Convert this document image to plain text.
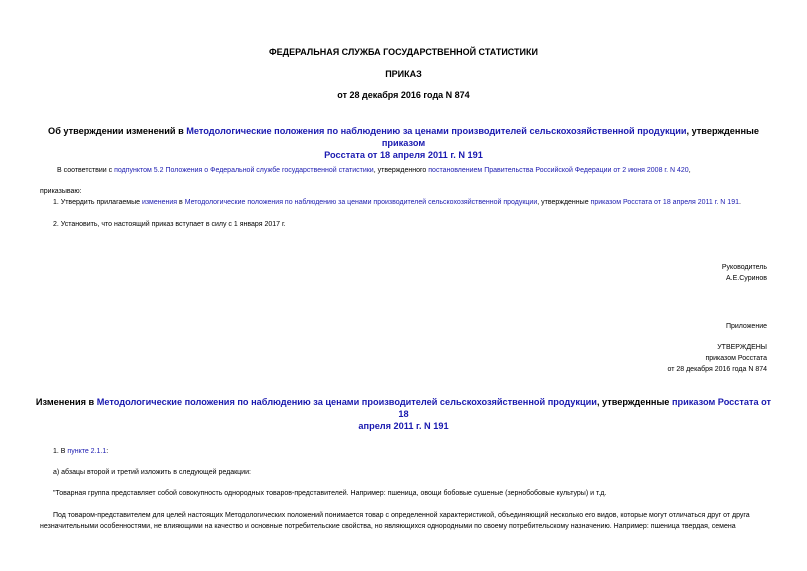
ФЕДЕРАЛЬНАЯ СЛУЖБА ГОСУДАРСТВЕННОЙ СТАТИСТИКИ
ПРИКАЗ
от 28 декабря 2016 года N 874
Об утверждении изменений в Методологические положения по наблюдению за ценами производителей сельскохозяйственной продукции, утвержденные приказом
Росстата от 18 апреля 2011 г. N 191
В соответствии с подпунктом 5.2 Положения о Федеральной службе государственной статистики, утвержденного постановлением Правительства Российской Федерации от 2 июня 2008 г. N 420,
приказываю:
1. Утвердить прилагаемые изменения в Методологические положения по наблюдению за ценами производителей сельскохозяйственной продукции, утвержденные приказом Росстата от 18 апреля 2011 г. N 191.
2. Установить, что настоящий приказ вступает в силу с 1 января 2017 г.
Руководитель
А.Е.Суринов
Приложение
УТВЕРЖДЕНЫ
приказом Росстата
от 28 декабря 2016 года N 874
Изменения в Методологические положения по наблюдению за ценами производителей сельскохозяйственной продукции, утвержденные приказом Росстата от 18
апреля 2011 г. N 191
1. В пункте 2.1.1:
а) абзацы второй и третий изложить в следующей редакции:
"Товарная группа представляет собой совокупность однородных товаров-представителей. Например: пшеница, овощи бобовые сушеные (зернобобовые культуры) и т.д.
Под товаром-представителем для целей настоящих Методологических положений понимается товар с определенной характеристикой, объединяющий несколько его видов, которые могут отличаться друг от друга
незначительными особенностями, не влияющими на качество и основные потребительские свойства, но являющихся однородными по своему потребительскому назначению. Например: пшеница твердая, семена
